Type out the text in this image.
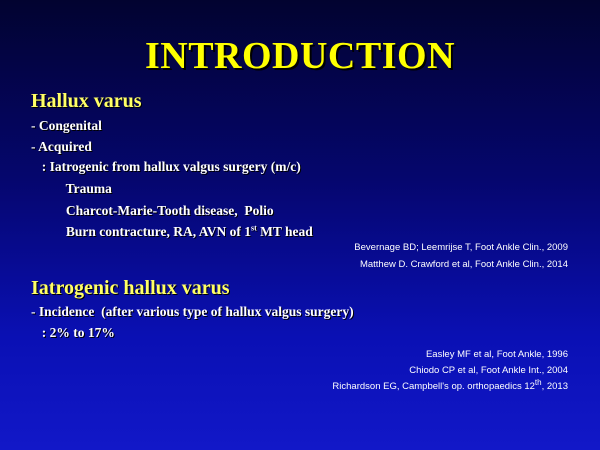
INTRODUCTION
Hallux varus
- Congenital
- Acquired
: Iatrogenic from hallux valgus surgery (m/c)
Trauma
Charcot-Marie-Tooth disease,  Polio
Burn contracture, RA, AVN of 1st MT head
Bevernage BD; Leemrijse T, Foot Ankle Clin., 2009
Matthew D. Crawford et al, Foot Ankle Clin., 2014
Iatrogenic hallux varus
- Incidence  (after various type of hallux valgus surgery)
: 2% to 17%
Easley MF et al, Foot Ankle, 1996
Chiodo CP et al, Foot Ankle Int., 2004
Richardson EG, Campbell's op. orthopaedics 12th, 2013
